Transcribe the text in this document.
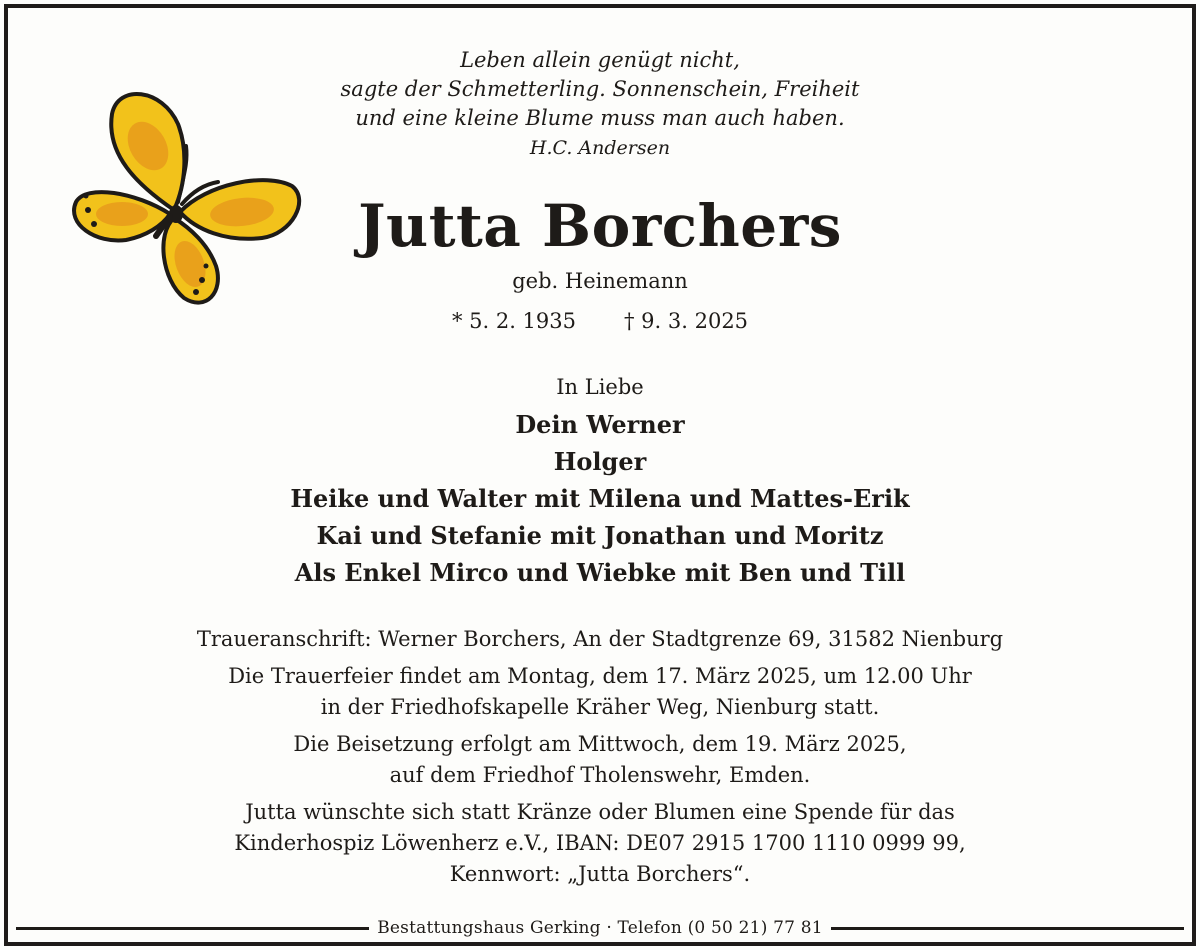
Leben allein genügt nicht,
sagte der Schmetterling. Sonnenschein, Freiheit
und eine kleine Blume muss man auch haben.
H.C. Andersen
Jutta Borchers
geb. Heinemann
* 5. 2. 1935 † 9. 3. 2025
In Liebe
Dein Werner
Holger
Heike und Walter mit Milena und Mattes-Erik
Kai und Stefanie mit Jonathan und Moritz
Als Enkel Mirco und Wiebke mit Ben und Till

Traueranschrift: Werner Borchers, An der Stadtgrenze 69, 31582 Nienburg

Die Trauerfeier findet am Montag, dem 17. März 2025, um 12.00 Uhr
in der Friedhofskapelle Kräher Weg, Nienburg statt.

Die Beisetzung erfolgt am Mittwoch, dem 19. März 2025,
auf dem Friedhof Tholenswehr, Emden.

Jutta wünschte sich statt Kränze oder Blumen eine Spende für das
Kinderhospiz Löwenherz e.V., IBAN: DE07 2915 1700 1110 0999 99,
Kennwort: „Jutta Borchers“.

Bestattungshaus Gerking · Telefon (0 50 21) 77 81
